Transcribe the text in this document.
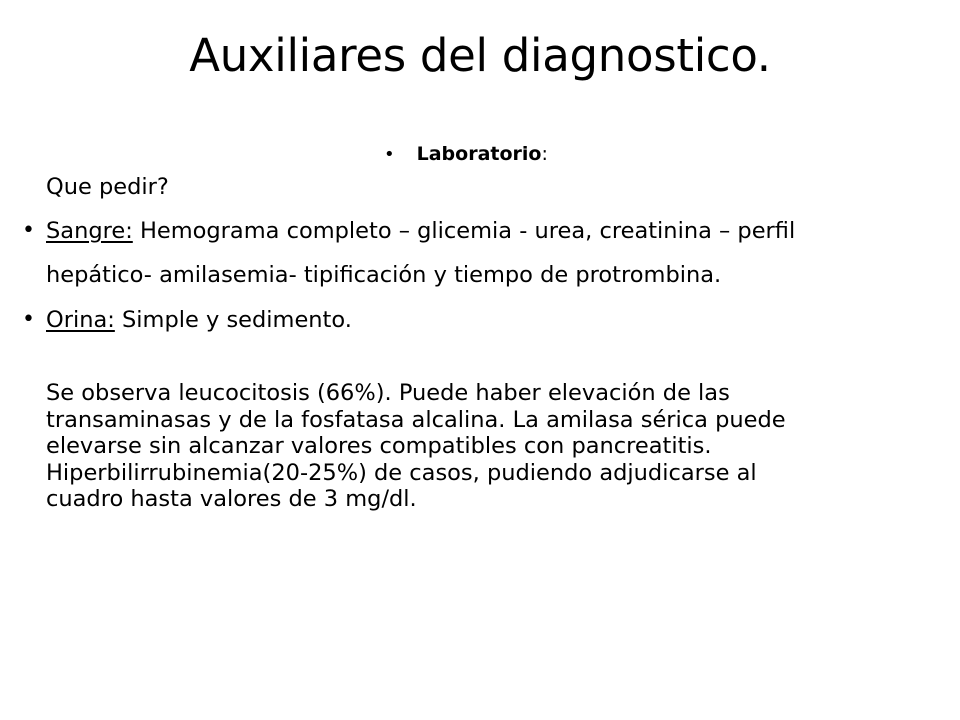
Auxiliares del diagnostico.
• Laboratorio:
Que pedir?
• Sangre: Hemograma completo – glicemia - urea, creatinina – perfil
hepático- amilasemia- tipificación y tiempo de protrombina.
• Orina: Simple y sedimento.
Se observa leucocitosis (66%). Puede haber elevación de las
transaminasas y de la fosfatasa alcalina. La amilasa sérica puede
elevarse sin alcanzar valores compatibles con pancreatitis.
Hiperbilirrubinemia(20-25%) de casos, pudiendo adjudicarse al
cuadro hasta valores de 3 mg/dl.
